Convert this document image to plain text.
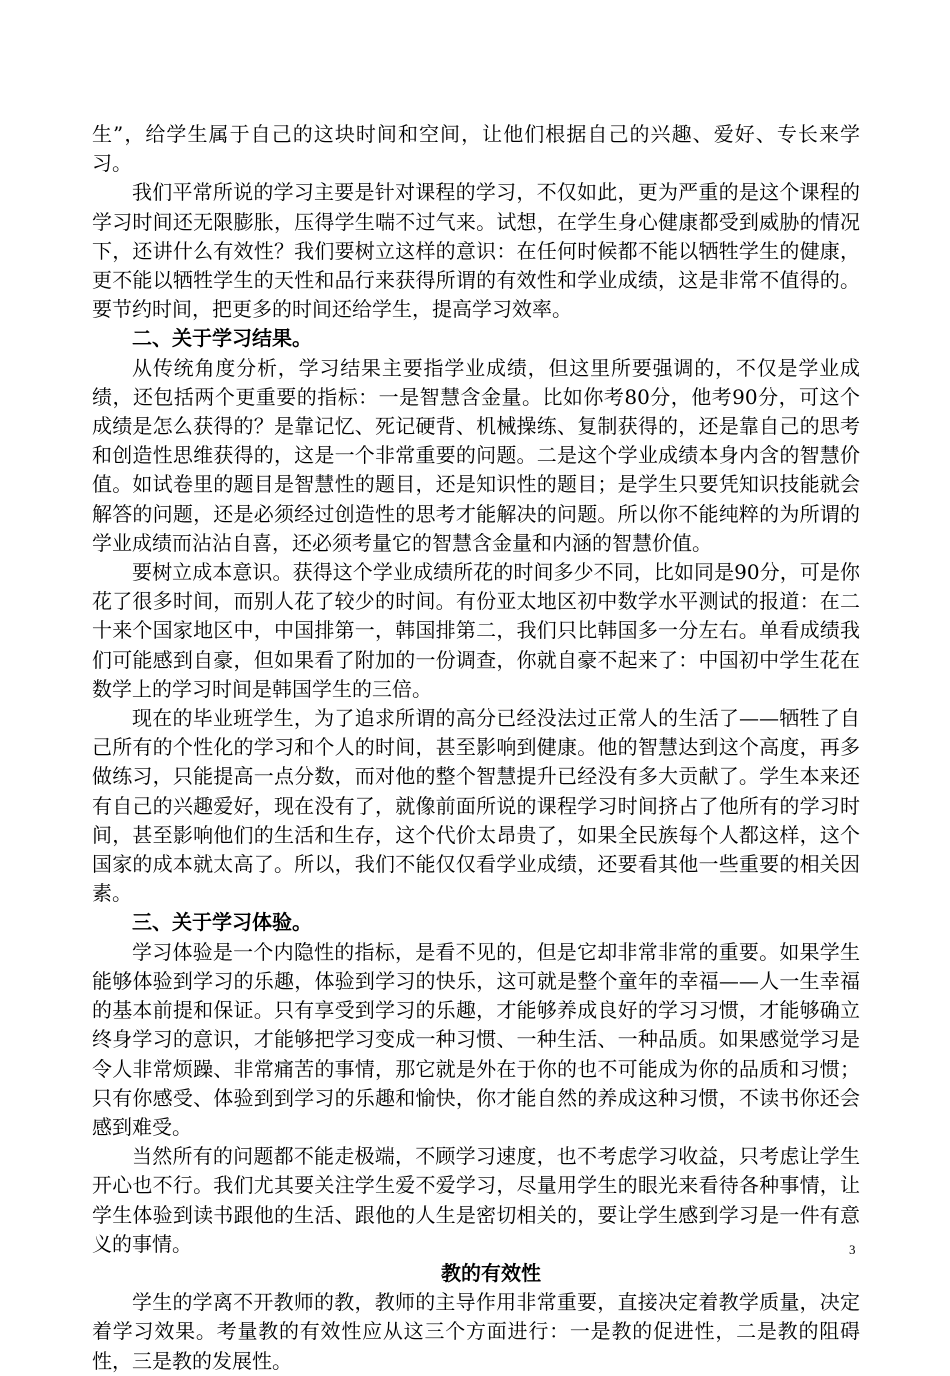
生”，给学生属于自己的这块时间和空间，让他们根据自己的兴趣、爱好、专长来学习。

我们平常所说的学习主要是针对课程的学习，不仅如此，更为严重的是这个课程的学习时间还无限膨胀，压得学生喘不过气来。试想，在学生身心健康都受到威胁的情况下，还讲什么有效性？我们要树立这样的意识：在任何时候都不能以牺牲学生的健康，更不能以牺牲学生的天性和品行来获得所谓的有效性和学业成绩，这是非常不值得的。要节约时间，把更多的时间还给学生，提高学习效率。

二、关于学习结果。

从传统角度分析，学习结果主要指学业成绩，但这里所要强调的，不仅是学业成绩，还包括两个更重要的指标：一是智慧含金量。比如你考80分，他考90分，可这个成绩是怎么获得的？是靠记忆、死记硬背、机械操练、复制获得的，还是靠自己的思考和创造性思维获得的，这是一个非常重要的问题。二是这个学业成绩本身内含的智慧价值。如试卷里的题目是智慧性的题目，还是知识性的题目；是学生只要凭知识技能就会解答的问题，还是必须经过创造性的思考才能解决的问题。所以你不能纯粹的为所谓的学业成绩而沾沾自喜，还必须考量它的智慧含金量和内涵的智慧价值。

要树立成本意识。获得这个学业成绩所花的时间多少不同，比如同是90分，可是你花了很多时间，而别人花了较少的时间。有份亚太地区初中数学水平测试的报道：在二十来个国家地区中，中国排第一，韩国排第二，我们只比韩国多一分左右。单看成绩我们可能感到自豪，但如果看了附加的一份调查，你就自豪不起来了：中国初中学生花在数学上的学习时间是韩国学生的三倍。

现在的毕业班学生，为了追求所谓的高分已经没法过正常人的生活了——牺牲了自己所有的个性化的学习和个人的时间，甚至影响到健康。他的智慧达到这个高度，再多做练习，只能提高一点分数，而对他的整个智慧提升已经没有多大贡献了。学生本来还有自己的兴趣爱好，现在没有了，就像前面所说的课程学习时间挤占了他所有的学习时间，甚至影响他们的生活和生存，这个代价太昂贵了，如果全民族每个人都这样，这个国家的成本就太高了。所以，我们不能仅仅看学业成绩，还要看其他一些重要的相关因素。

三、关于学习体验。

学习体验是一个内隐性的指标，是看不见的，但是它却非常非常的重要。如果学生能够体验到学习的乐趣，体验到学习的快乐，这可就是整个童年的幸福——人一生幸福的基本前提和保证。只有享受到学习的乐趣，才能够养成良好的学习习惯，才能够确立终身学习的意识，才能够把学习变成一种习惯、一种生活、一种品质。如果感觉学习是令人非常烦躁、非常痛苦的事情，那它就是外在于你的也不可能成为你的品质和习惯；只有你感受、体验到到学习的乐趣和愉快，你才能自然的养成这种习惯，不读书你还会感到难受。

当然所有的问题都不能走极端，不顾学习速度，也不考虑学习收益，只考虑让学生开心也不行。我们尤其要关注学生爱不爱学习，尽量用学生的眼光来看待各种事情，让学生体验到读书跟他的生活、跟他的人生是密切相关的，要让学生感到学习是一件有意义的事情。

教的有效性

学生的学离不开教师的教，教师的主导作用非常重要，直接决定着教学质量，决定着学习效果。考量教的有效性应从这三个方面进行：一是教的促进性，二是教的阻碍性，三是教的发展性。

3
